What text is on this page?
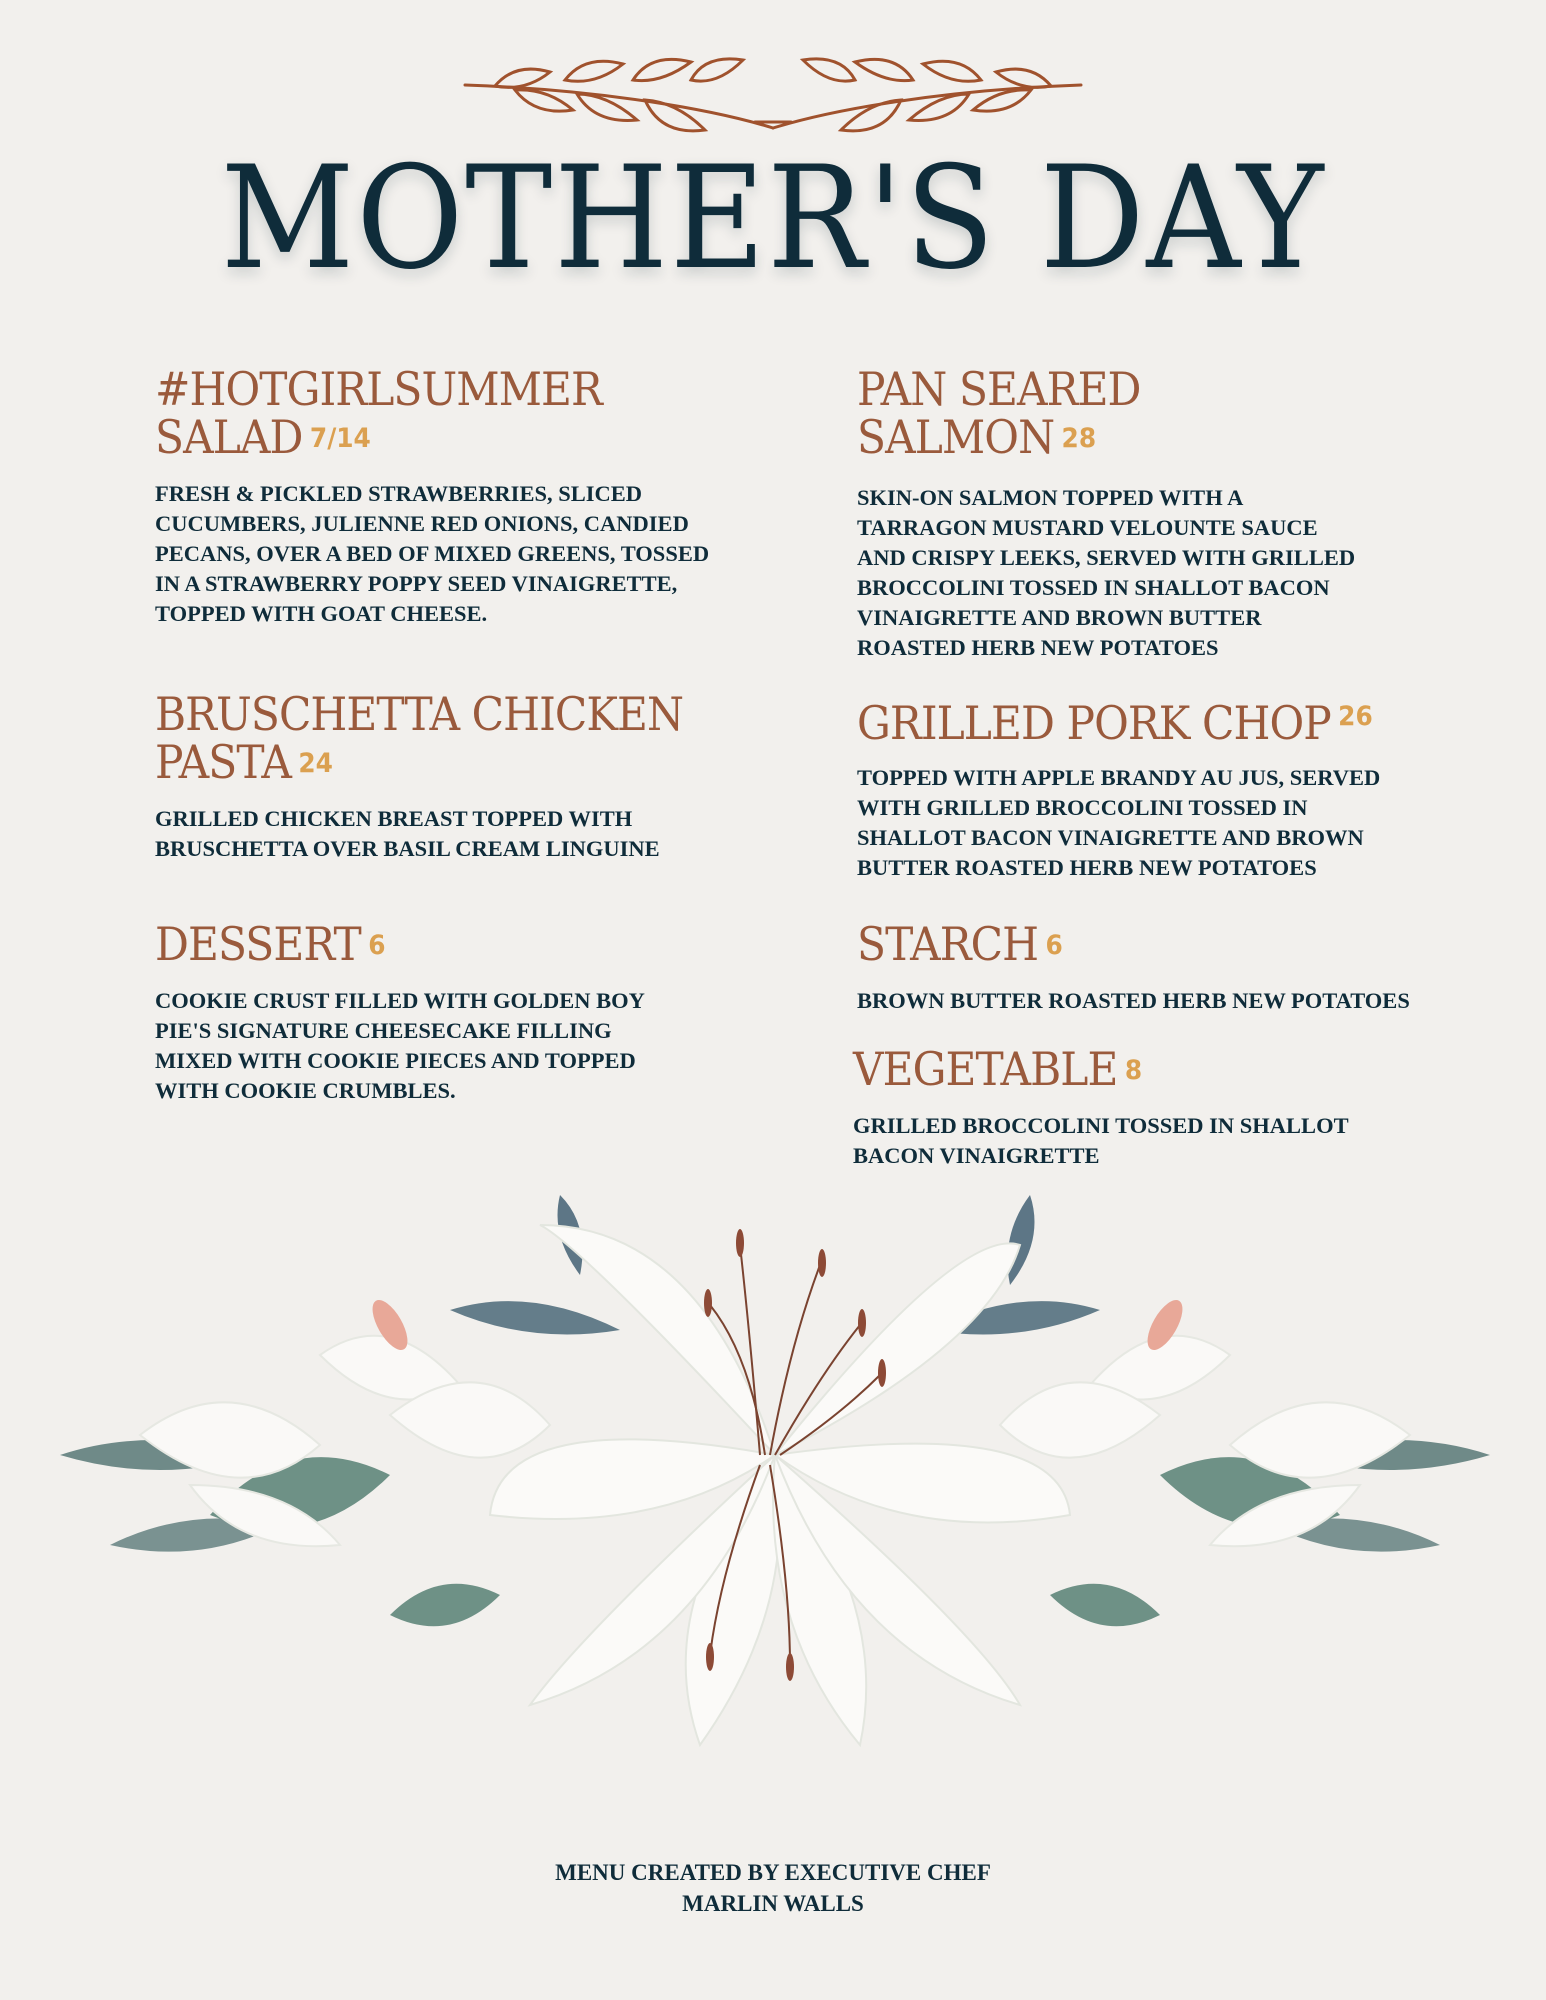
MOTHER'S DAY
#HOTGIRLSUMMER
SALAD 7/14
FRESH & PICKLED STRAWBERRIES, SLICED CUCUMBERS, JULIENNE RED ONIONS, CANDIED PECANS, OVER A BED OF MIXED GREENS, TOSSED IN A STRAWBERRY POPPY SEED VINAIGRETTE, TOPPED WITH GOAT CHEESE.
PAN SEARED
SALMON 28
SKIN-ON SALMON TOPPED WITH A TARRAGON MUSTARD VELOUNTE SAUCE AND CRISPY LEEKS, SERVED WITH GRILLED BROCCOLINI TOSSED IN SHALLOT BACON VINAIGRETTE AND BROWN BUTTER ROASTED HERB NEW POTATOES
BRUSCHETTA CHICKEN
PASTA 24
GRILLED CHICKEN BREAST TOPPED WITH BRUSCHETTA OVER BASIL CREAM LINGUINE
GRILLED PORK CHOP $^{26}$
TOPPED WITH APPLE BRANDY AU JUS, SERVED WITH GRILLED BROCCOLINI TOSSED IN SHALLOT BACON VINAIGRETTE AND BROWN BUTTER ROASTED HERB NEW POTATOES
DESSERT 6
COOKIE CRUST FILLED WITH GOLDEN BOY PIE'S SIGNATURE CHEESECAKE FILLING MIXED WITH COOKIE PIECES AND TOPPED WITH COOKIE CRUMBLES.
STARCH 6
BROWN BUTTER ROASTED HERB NEW POTATOES
VEGETABLE 8
GRILLED BROCCOLINI TOSSED IN SHALLOT BACON VINAIGRETTE
MENU CREATED BY EXECUTIVE CHEF
MARLIN WALLS
